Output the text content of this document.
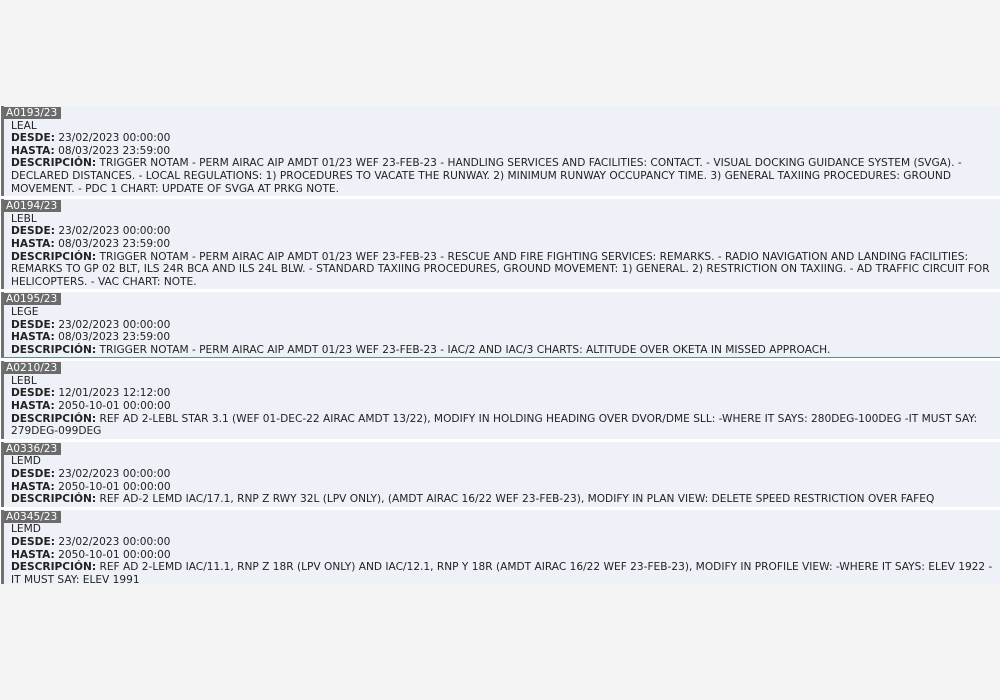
A0193/23
LEAL
DESDE: 23/02/2023 00:00:00
HASTA: 08/03/2023 23:59:00
DESCRIPCIÓN: TRIGGER NOTAM - PERM AIRAC AIP AMDT 01/23 WEF 23-FEB-23 - HANDLING SERVICES AND FACILITIES: CONTACT. - VISUAL DOCKING GUIDANCE SYSTEM (SVGA). - DECLARED DISTANCES. - LOCAL REGULATIONS: 1) PROCEDURES TO VACATE THE RUNWAY. 2) MINIMUM RUNWAY OCCUPANCY TIME. 3) GENERAL TAXIING PROCEDURES: GROUND MOVEMENT. - PDC 1 CHART: UPDATE OF SVGA AT PRKG NOTE.
A0194/23
LEBL
DESDE: 23/02/2023 00:00:00
HASTA: 08/03/2023 23:59:00
DESCRIPCIÓN: TRIGGER NOTAM - PERM AIRAC AIP AMDT 01/23 WEF 23-FEB-23 - RESCUE AND FIRE FIGHTING SERVICES: REMARKS. - RADIO NAVIGATION AND LANDING FACILITIES: REMARKS TO GP 02 BLT, ILS 24R BCA AND ILS 24L BLW. - STANDARD TAXIING PROCEDURES, GROUND MOVEMENT: 1) GENERAL. 2) RESTRICTION ON TAXIING. - AD TRAFFIC CIRCUIT FOR HELICOPTERS. - VAC CHART: NOTE.
A0195/23
LEGE
DESDE: 23/02/2023 00:00:00
HASTA: 08/03/2023 23:59:00
DESCRIPCIÓN: TRIGGER NOTAM - PERM AIRAC AIP AMDT 01/23 WEF 23-FEB-23 - IAC/2 AND IAC/3 CHARTS: ALTITUDE OVER OKETA IN MISSED APPROACH.
A0210/23
LEBL
DESDE: 12/01/2023 12:12:00
HASTA: 2050-10-01 00:00:00
DESCRIPCIÓN: REF AD 2-LEBL STAR 3.1 (WEF 01-DEC-22 AIRAC AMDT 13/22), MODIFY IN HOLDING HEADING OVER DVOR/DME SLL: -WHERE IT SAYS: 280DEG-100DEG -IT MUST SAY: 279DEG-099DEG
A0336/23
LEMD
DESDE: 23/02/2023 00:00:00
HASTA: 2050-10-01 00:00:00
DESCRIPCIÓN: REF AD-2 LEMD IAC/17.1, RNP Z RWY 32L (LPV ONLY), (AMDT AIRAC 16/22 WEF 23-FEB-23), MODIFY IN PLAN VIEW: DELETE SPEED RESTRICTION OVER FAFEQ
A0345/23
LEMD
DESDE: 23/02/2023 00:00:00
HASTA: 2050-10-01 00:00:00
DESCRIPCIÓN: REF AD 2-LEMD IAC/11.1, RNP Z 18R (LPV ONLY) AND IAC/12.1, RNP Y 18R (AMDT AIRAC 16/22 WEF 23-FEB-23), MODIFY IN PROFILE VIEW: -WHERE IT SAYS: ELEV 1922 -IT MUST SAY: ELEV 1991
